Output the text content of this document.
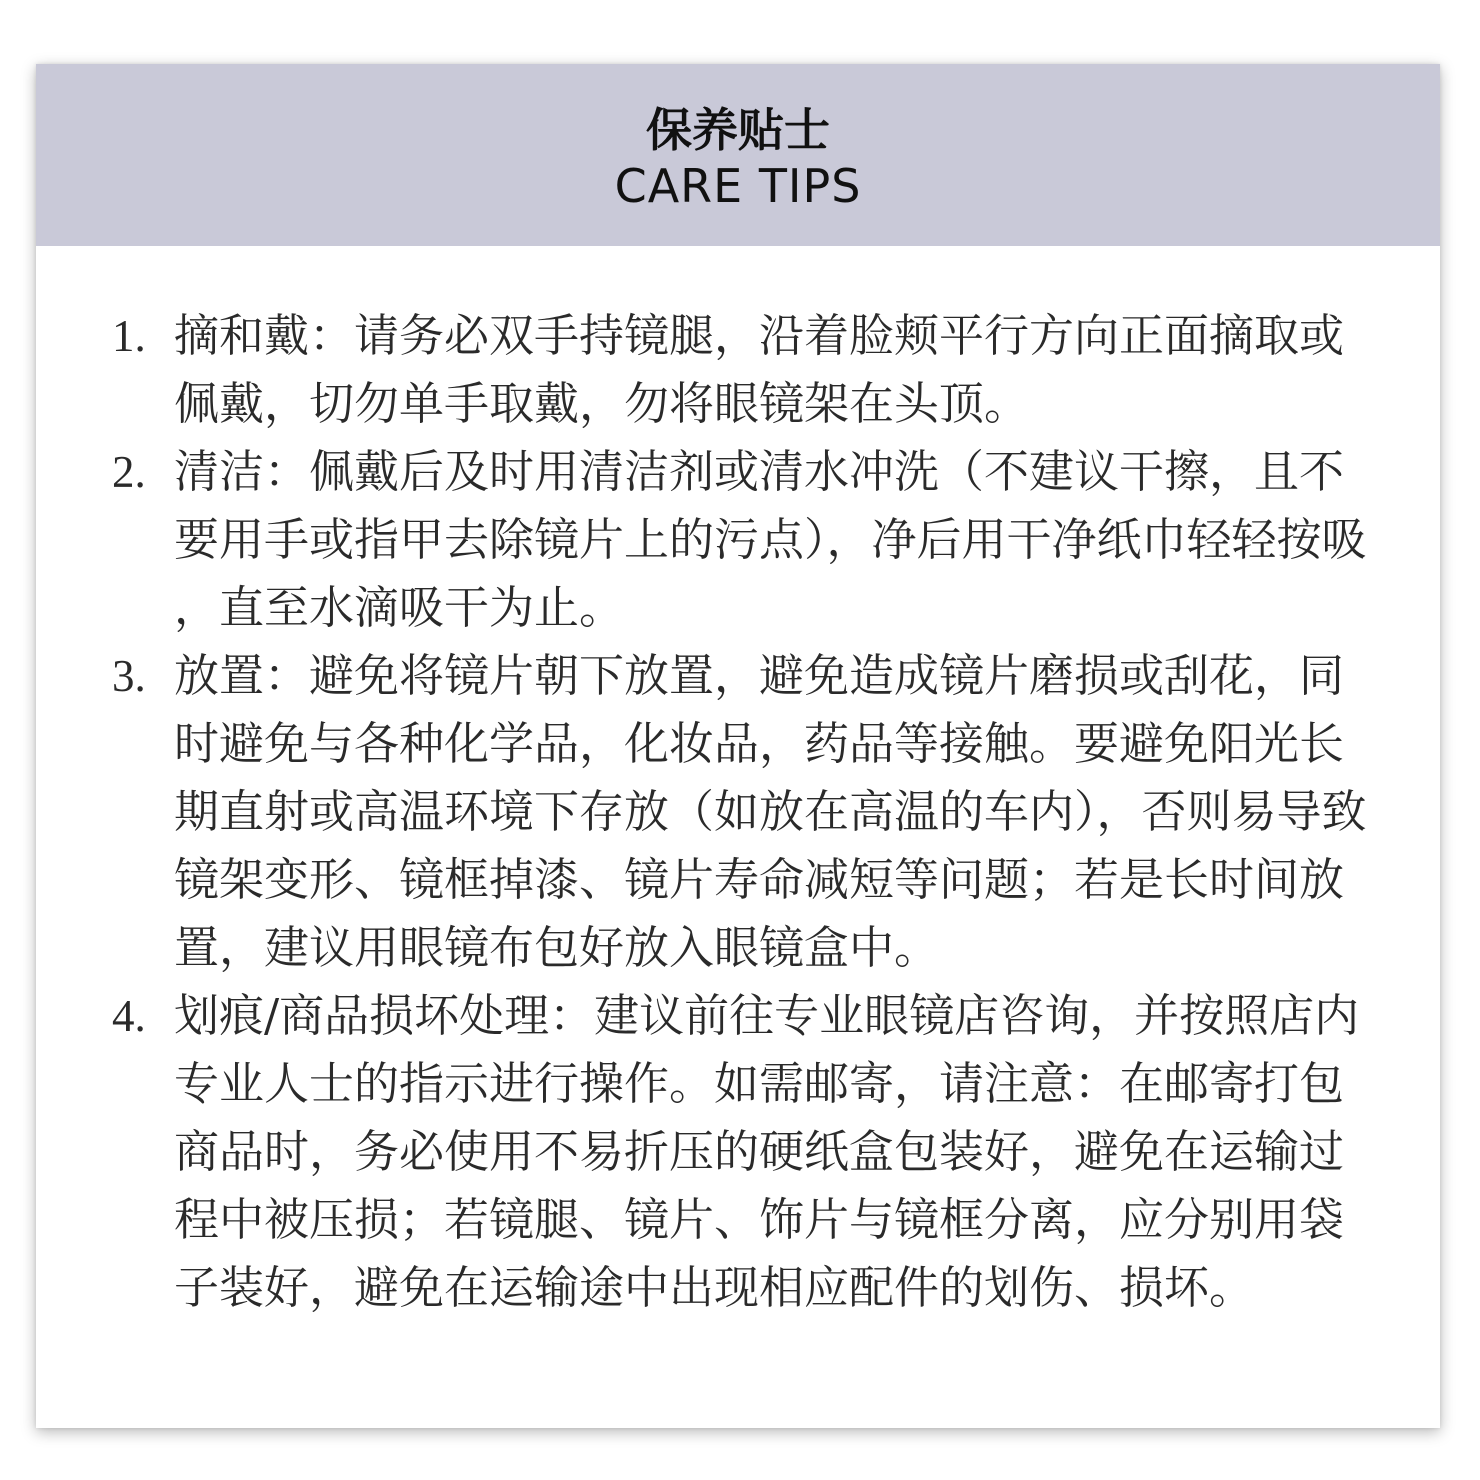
保养贴士
CARE TIPS
1. 摘和戴：请务必双手持镜腿，沿着脸颊平行方向正面摘取或佩戴，切勿单手取戴，勿将眼镜架在头顶。
2. 清洁：佩戴后及时用清洁剂或清水冲洗（不建议干擦，且不要用手或指甲去除镜片上的污点），净后用干净纸巾轻轻按吸，直至水滴吸干为止。
3. 放置：避免将镜片朝下放置，避免造成镜片磨损或刮花，同时避免与各种化学品，化妆品，药品等接触。要避免阳光长期直射或高温环境下存放（如放在高温的车内），否则易导致镜架变形、镜框掉漆、镜片寿命减短等问题；若是长时间放置，建议用眼镜布包好放入眼镜盒中。
4. 划痕/商品损坏处理：建议前往专业眼镜店咨询，并按照店内专业人士的指示进行操作。如需邮寄，请注意：在邮寄打包商品时，务必使用不易折压的硬纸盒包装好，避免在运输过程中被压损；若镜腿、镜片、饰片与镜框分离，应分别用袋子装好，避免在运输途中出现相应配件的划伤、损坏。
